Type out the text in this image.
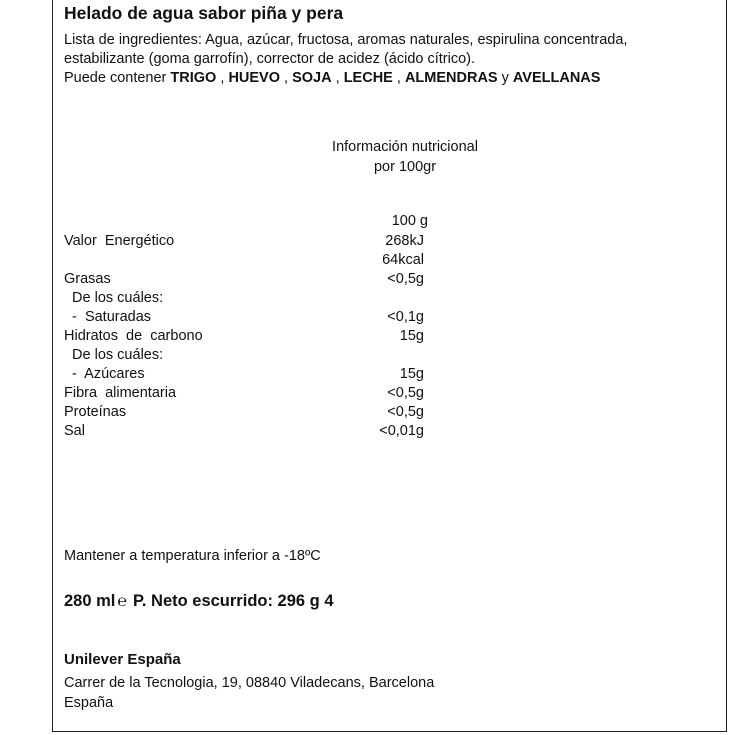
Helado de agua sabor piña y pera
Lista de ingredientes: Agua, azúcar, fructosa, aromas naturales, espirulina concentrada, estabilizante (goma garrofín), corrector de acidez (ácido cítrico).
Puede contener TRIGO , HUEVO , SOJA , LECHE , ALMENDRAS y AVELLANAS
Información nutricional
por 100gr
100 g
Valor  Energético	268kJ
64kcal
Grasas	<0,5g
De los cuáles:
-  Saturadas	<0,1g
Hidratos  de  carbono	15g
De los cuáles:
-  Azúcares	15g
Fibra  alimentaria	<0,5g
Proteínas	<0,5g
Sal	<0,01g
Mantener a temperatura inferior a -18ºC
280 ml ℮ P. Neto escurrido: 296 g 4
Unilever España
Carrer de la Tecnologia, 19, 08840 Viladecans, Barcelona
España
